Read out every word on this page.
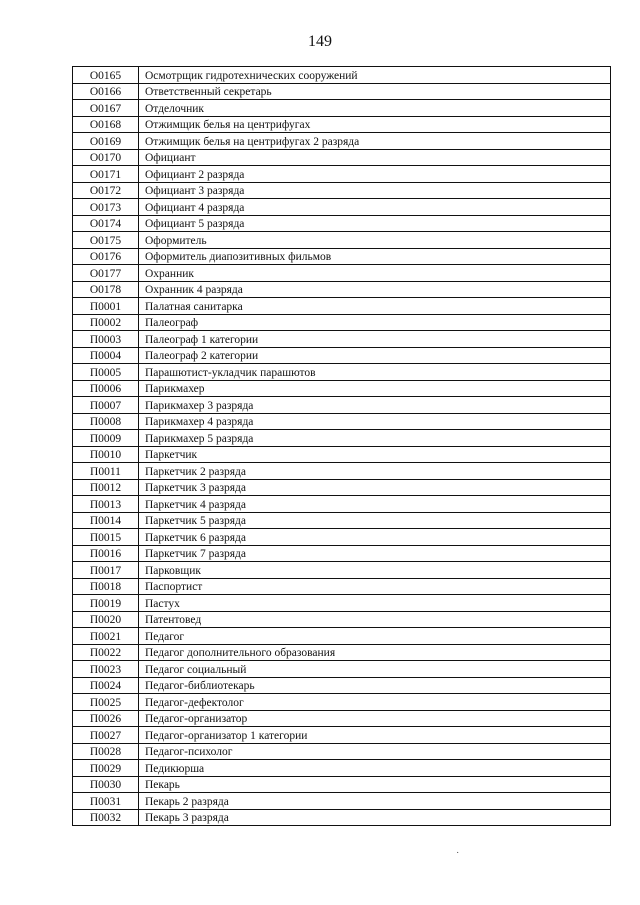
149
О0165	Осмотрщик гидротехнических сооружений
О0166	Ответственный секретарь
О0167	Отделочник
О0168	Отжимщик белья на центрифугах
О0169	Отжимщик белья на центрифугах 2 разряда
О0170	Официант
О0171	Официант 2 разряда
О0172	Официант 3 разряда
О0173	Официант 4 разряда
О0174	Официант 5 разряда
О0175	Оформитель
О0176	Оформитель диапозитивных фильмов
О0177	Охранник
О0178	Охранник 4 разряда
П0001	Палатная санитарка
П0002	Палеограф
П0003	Палеограф 1 категории
П0004	Палеограф 2 категории
П0005	Парашютист-укладчик парашютов
П0006	Парикмахер
П0007	Парикмахер 3 разряда
П0008	Парикмахер 4 разряда
П0009	Парикмахер 5 разряда
П0010	Паркетчик
П0011	Паркетчик 2 разряда
П0012	Паркетчик 3 разряда
П0013	Паркетчик 4 разряда
П0014	Паркетчик 5 разряда
П0015	Паркетчик 6 разряда
П0016	Паркетчик 7 разряда
П0017	Парковщик
П0018	Паспортист
П0019	Пастух
П0020	Патентовед
П0021	Педагог
П0022	Педагог дополнительного образования
П0023	Педагог социальный
П0024	Педагог-библиотекарь
П0025	Педагог-дефектолог
П0026	Педагог-организатор
П0027	Педагог-организатор 1 категории
П0028	Педагог-психолог
П0029	Педикюрша
П0030	Пекарь
П0031	Пекарь 2 разряда
П0032	Пекарь 3 разряда
˙
